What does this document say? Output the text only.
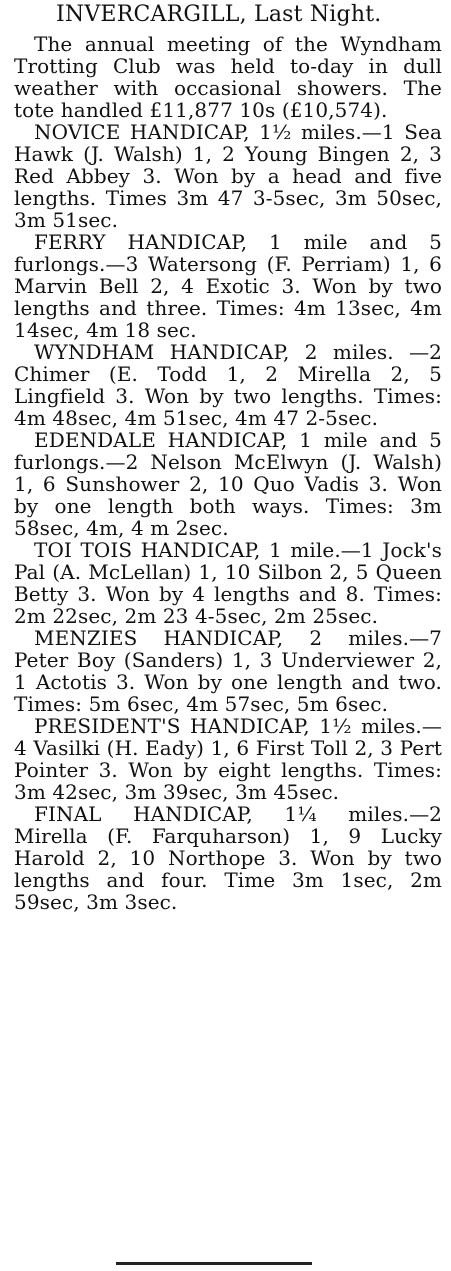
INVERCARGILL, Last Night.

The annual meeting of the Wyndham Trotting Club was held to-day in dull weather with occasional showers. The tote handled £11,877 10s (£10,574).

NOVICE HANDICAP, 1½ miles.—1 Sea Hawk (J. Walsh) 1, 2 Young Bingen 2, 3 Red Abbey 3. Won by a head and five lengths. Times 3m 47 3-5sec, 3m 50sec, 3m 51sec.

FERRY HANDICAP, 1 mile and 5 furlongs.—3 Watersong (F. Perriam) 1, 6 Marvin Bell 2, 4 Exotic 3. Won by two lengths and three. Times: 4m 13sec, 4m 14sec, 4m 18 sec.

WYNDHAM HANDICAP, 2 miles. —2 Chimer (E. Todd 1, 2 Mirella 2, 5 Lingfield 3. Won by two lengths. Times: 4m 48sec, 4m 51sec, 4m 47 2-5sec.

EDENDALE HANDICAP, 1 mile and 5 furlongs.—2 Nelson McElwyn (J. Walsh) 1, 6 Sunshower 2, 10 Quo Vadis 3. Won by one length both ways. Times: 3m 58sec, 4m, 4 m 2sec.

TOI TOIS HANDICAP, 1 mile.—1 Jock's Pal (A. McLellan) 1, 10 Silbon 2, 5 Queen Betty 3. Won by 4 lengths and 8. Times: 2m 22sec, 2m 23 4-5sec, 2m 25sec.

MENZIES HANDICAP, 2 miles.—7 Peter Boy (Sanders) 1, 3 Underviewer 2, 1 Actotis 3. Won by one length and two. Times: 5m 6sec, 4m 57sec, 5m 6sec.

PRESIDENT'S HANDICAP, 1½ miles.—4 Vasilki (H. Eady) 1, 6 First Toll 2, 3 Pert Pointer 3. Won by eight lengths. Times: 3m 42sec, 3m 39sec, 3m 45sec.

FINAL HANDICAP, 1¼ miles.—2 Mirella (F. Farquharson) 1, 9 Lucky Harold 2, 10 Northope 3. Won by two lengths and four. Time 3m 1sec, 2m 59sec, 3m 3sec.
